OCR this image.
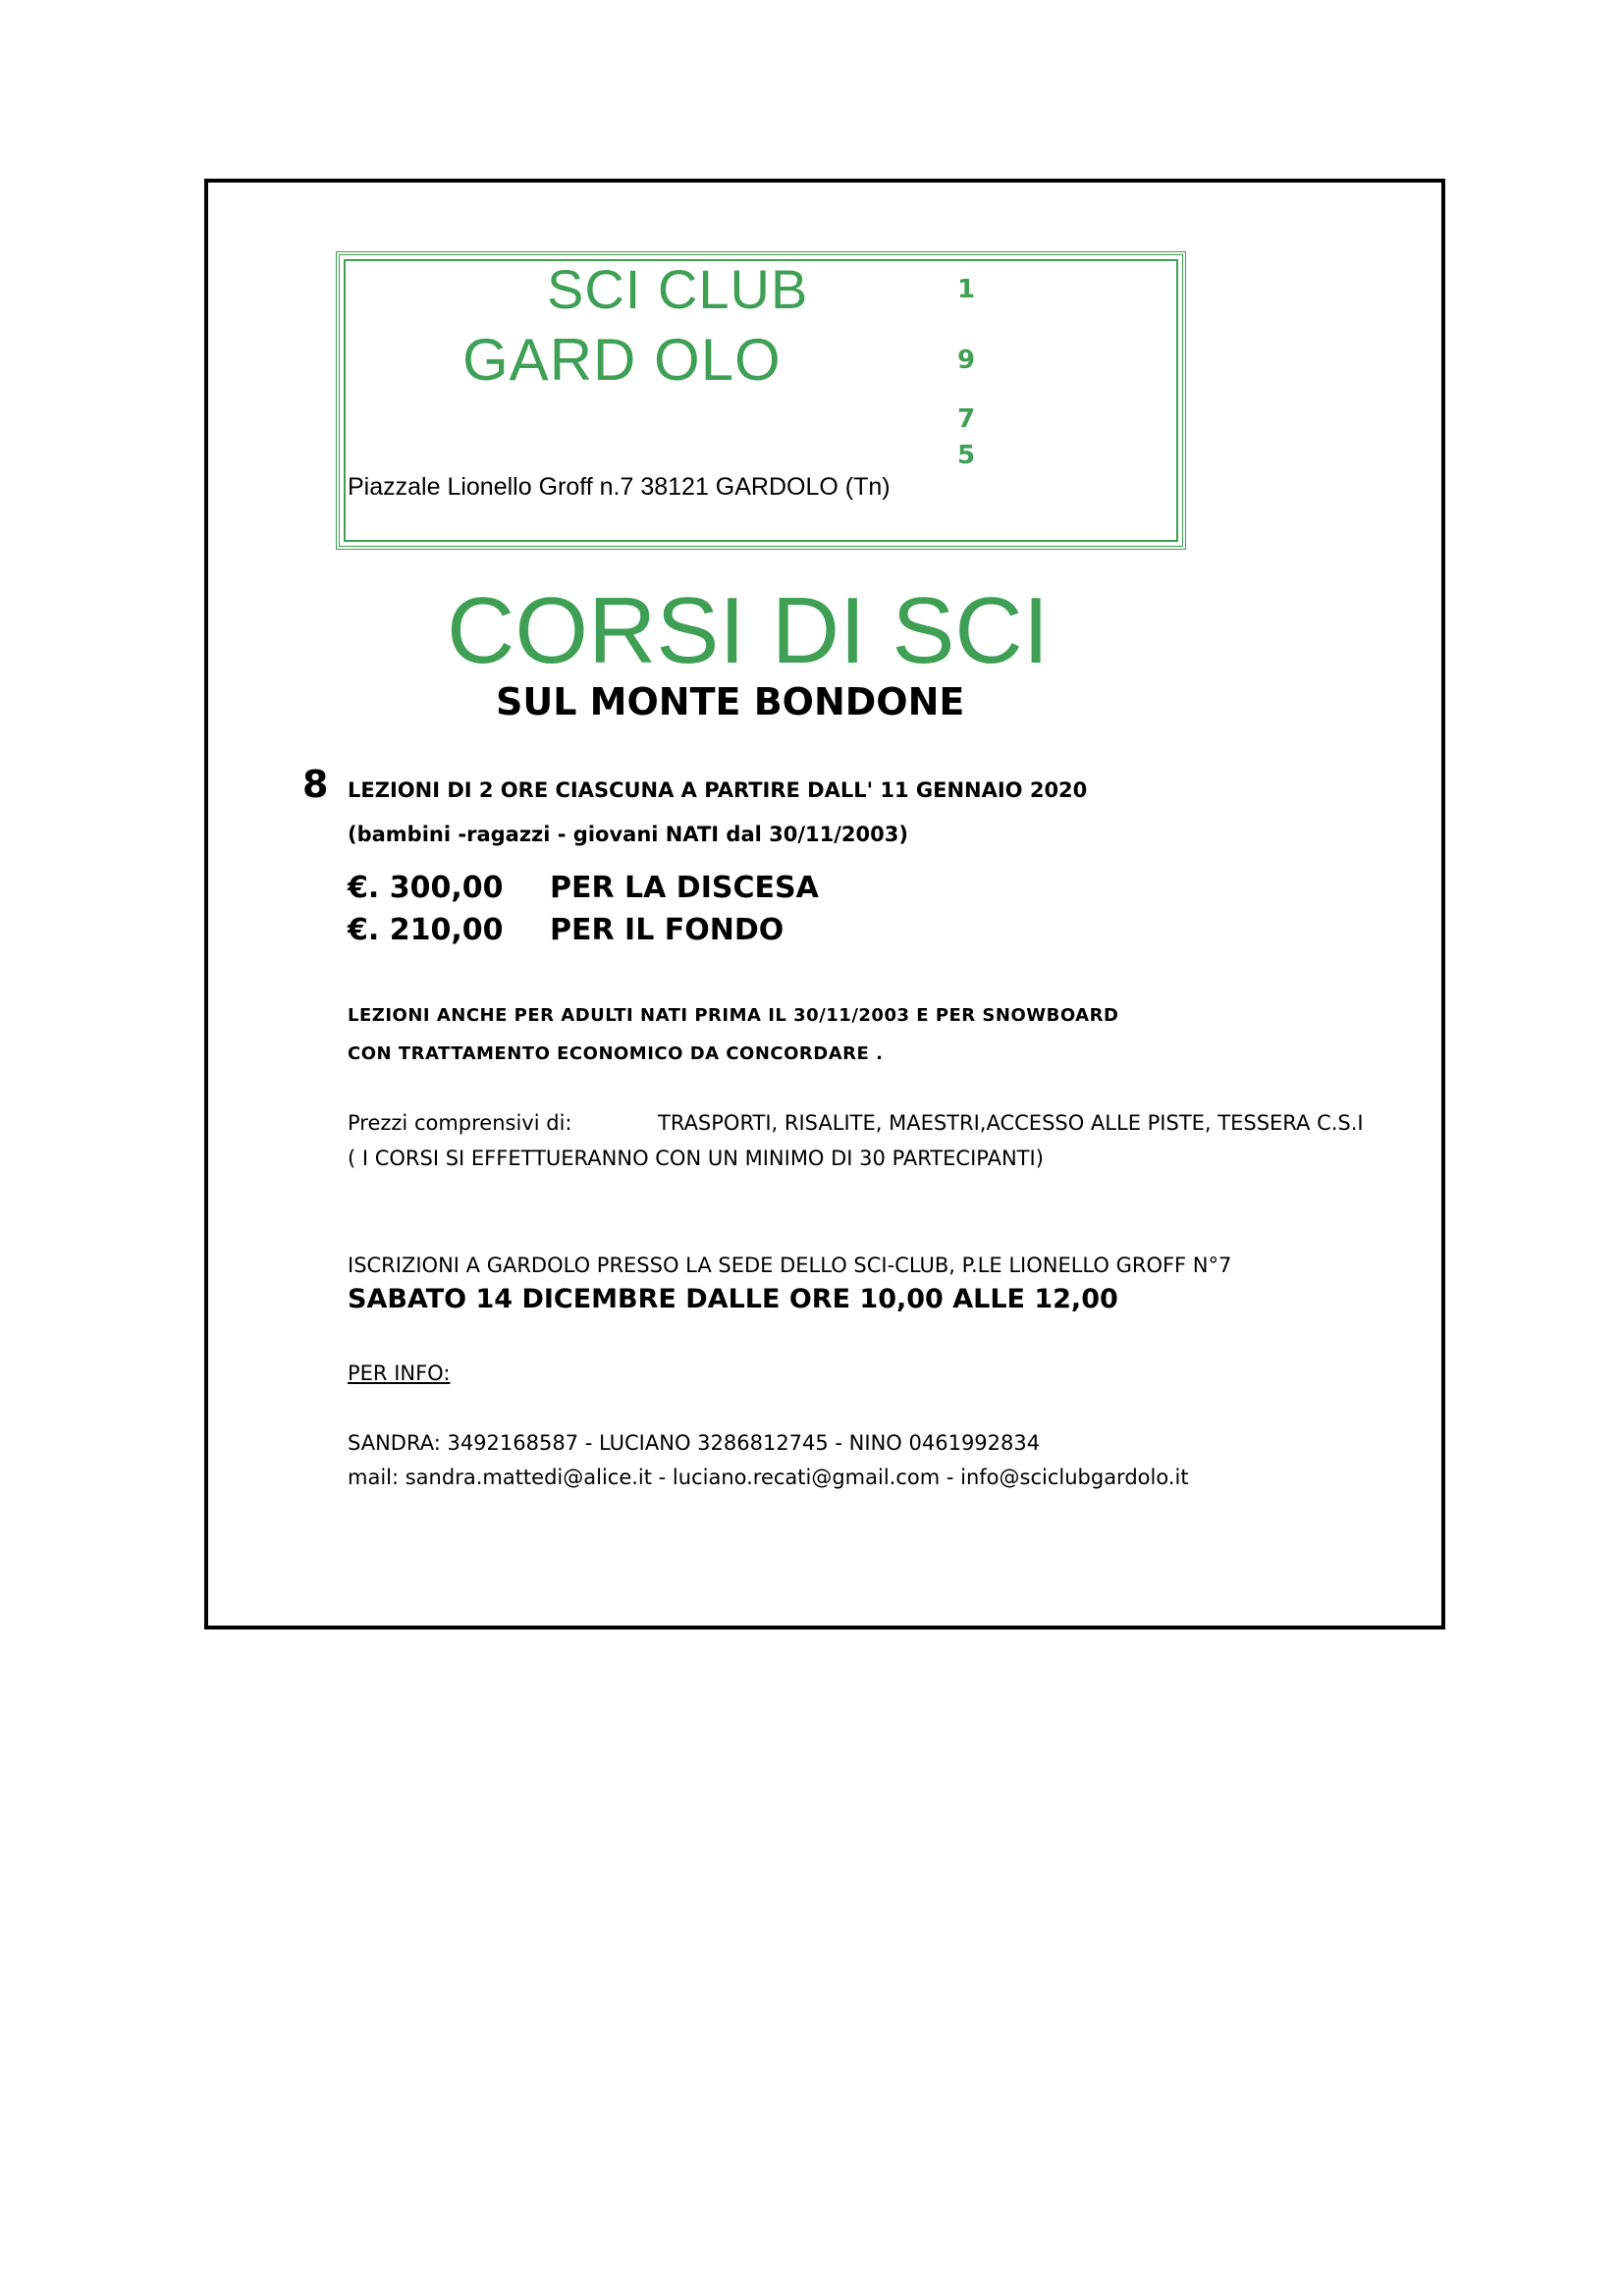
SCI CLUB
GARD OLO
1
9
7
5
Piazzale Lionello Groff n.7 38121 GARDOLO (Tn)
CORSI DI SCI
SUL MONTE BONDONE
8 LEZIONI DI 2 ORE CIASCUNA A PARTIRE DALL' 11 GENNAIO 2020
(bambini -ragazzi - giovani NATI dal 30/11/2003)
€. 300,00 PER LA DISCESA
€. 210,00 PER IL FONDO
LEZIONI ANCHE PER ADULTI NATI PRIMA IL 30/11/2003 E PER SNOWBOARD
CON TRATTAMENTO ECONOMICO DA CONCORDARE .
Prezzi comprensivi di:	TRASPORTI, RISALITE, MAESTRI,ACCESSO ALLE PISTE, TESSERA C.S.I
( I CORSI SI EFFETTUERANNO CON UN MINIMO DI 30 PARTECIPANTI)
ISCRIZIONI A GARDOLO PRESSO LA SEDE DELLO SCI-CLUB, P.LE LIONELLO GROFF N°7
SABATO 14 DICEMBRE DALLE ORE 10,00 ALLE 12,00
PER INFO:
SANDRA: 3492168587 - LUCIANO 3286812745 - NINO 0461992834
mail: sandra.mattedi@alice.it - luciano.recati@gmail.com - info@sciclubgardolo.it
